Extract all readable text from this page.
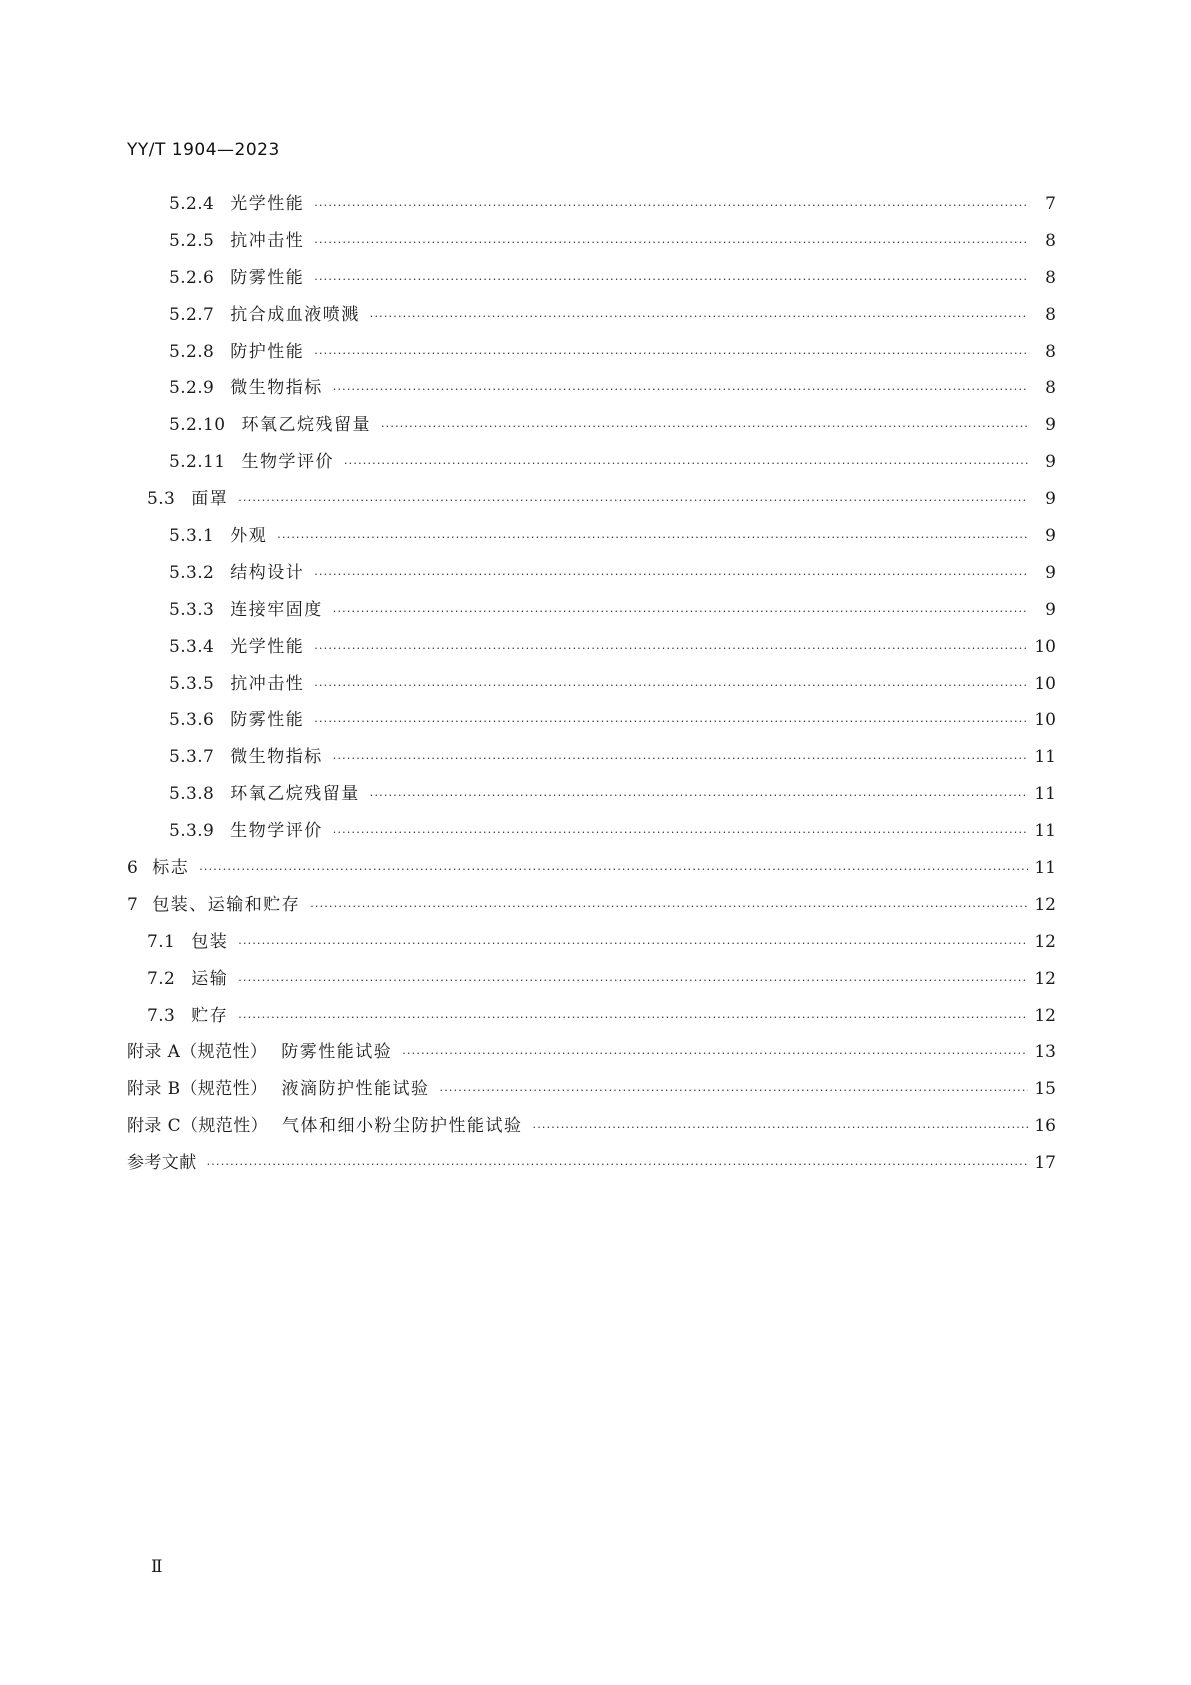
YY/T 1904—2023
5.2.4 光学性能 ·····	7
5.2.5 抗冲击性 ·····	8
5.2.6 防雾性能 ·····	8
5.2.7 抗合成血液喷溅 ·····	8
5.2.8 防护性能 ·····	8
5.2.9 微生物指标 ·····	8
5.2.10 环氧乙烷残留量 ·····	9
5.2.11 生物学评价 ·····	9
5.3 面罩 ·····	9
5.3.1 外观 ·····	9
5.3.2 结构设计 ·····	9
5.3.3 连接牢固度 ·····	9
5.3.4 光学性能 ·····	10
5.3.5 抗冲击性 ·····	10
5.3.6 防雾性能 ·····	10
5.3.7 微生物指标 ·····	11
5.3.8 环氧乙烷残留量 ·····	11
5.3.9 生物学评价 ·····	11
6 标志 ·····	11
7 包装、运输和贮存 ·····	12
7.1 包装 ·····	12
7.2 运输 ·····	12
7.3 贮存 ·····	12
附录 A（规范性） 防雾性能试验 ·····	13
附录 B（规范性） 液滴防护性能试验 ·····	15
附录 C（规范性） 气体和细小粉尘防护性能试验 ·····	16
参考文献 ·····	17
Ⅱ
